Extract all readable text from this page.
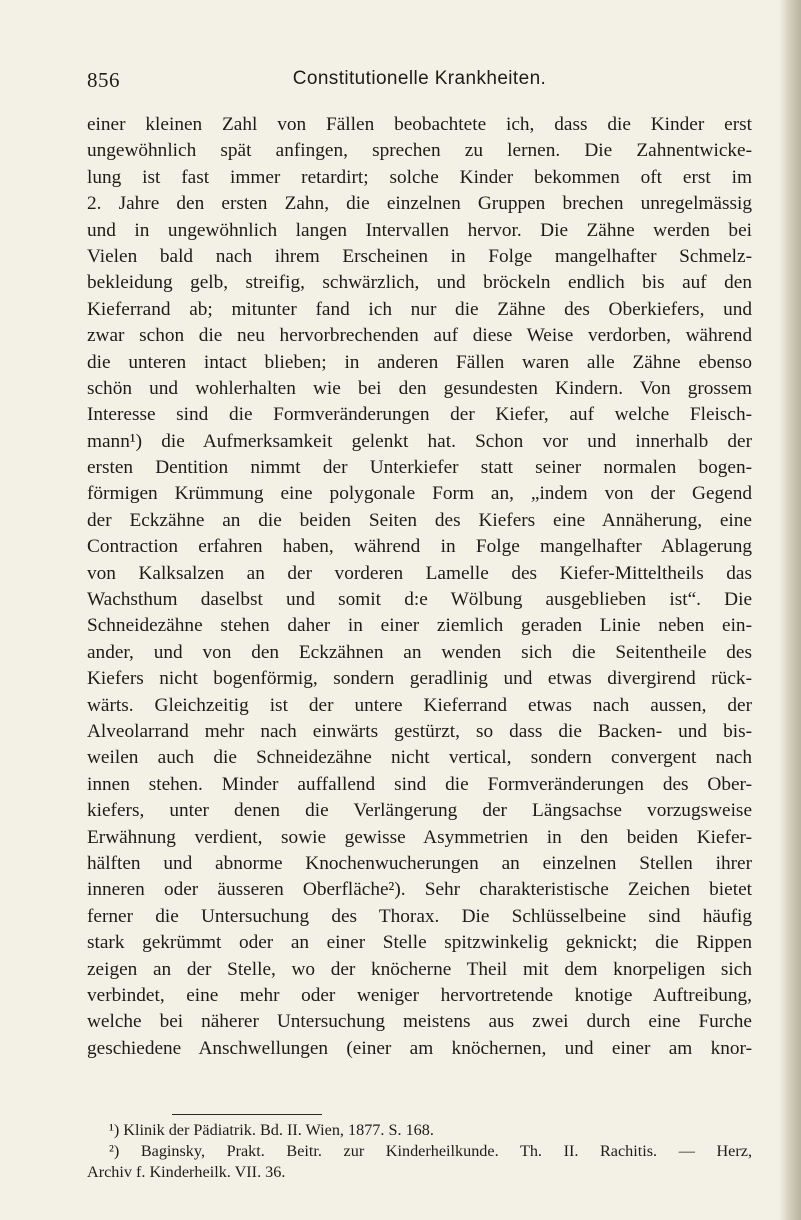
856	Constitutionelle Krankheiten.
einer kleinen Zahl von Fällen beobachtete ich, dass die Kinder erst
ungewöhnlich spät anfingen, sprechen zu lernen. Die Zahnentwicke-
lung ist fast immer retardirt; solche Kinder bekommen oft erst im
2. Jahre den ersten Zahn, die einzelnen Gruppen brechen unregelmässig
und in ungewöhnlich langen Intervallen hervor. Die Zähne werden bei
Vielen bald nach ihrem Erscheinen in Folge mangelhafter Schmelz-
bekleidung gelb, streifig, schwärzlich, und bröckeln endlich bis auf den
Kieferrand ab; mitunter fand ich nur die Zähne des Oberkiefers, und
zwar schon die neu hervorbrechenden auf diese Weise verdorben, während
die unteren intact blieben; in anderen Fällen waren alle Zähne ebenso
schön und wohlerhalten wie bei den gesundesten Kindern. Von grossem
Interesse sind die Formveränderungen der Kiefer, auf welche Fleisch-
mann¹) die Aufmerksamkeit gelenkt hat. Schon vor und innerhalb der
ersten Dentition nimmt der Unterkiefer statt seiner normalen bogen-
förmigen Krümmung eine polygonale Form an, „indem von der Gegend
der Eckzähne an die beiden Seiten des Kiefers eine Annäherung, eine
Contraction erfahren haben, während in Folge mangelhafter Ablagerung
von Kalksalzen an der vorderen Lamelle des Kiefer-Mitteltheils das
Wachsthum daselbst und somit d:e Wölbung ausgeblieben ist“. Die
Schneidezähne stehen daher in einer ziemlich geraden Linie neben ein-
ander, und von den Eckzähnen an wenden sich die Seitentheile des
Kiefers nicht bogenförmig, sondern geradlinig und etwas divergirend rück-
wärts. Gleichzeitig ist der untere Kieferrand etwas nach aussen, der
Alveolarrand mehr nach einwärts gestürzt, so dass die Backen- und bis-
weilen auch die Schneidezähne nicht vertical, sondern convergent nach
innen stehen. Minder auffallend sind die Formveränderungen des Ober-
kiefers, unter denen die Verlängerung der Längsachse vorzugsweise
Erwähnung verdient, sowie gewisse Asymmetrien in den beiden Kiefer-
hälften und abnorme Knochenwucherungen an einzelnen Stellen ihrer
inneren oder äusseren Oberfläche²). Sehr charakteristische Zeichen bietet
ferner die Untersuchung des Thorax. Die Schlüsselbeine sind häufig
stark gekrümmt oder an einer Stelle spitzwinkelig geknickt; die Rippen
zeigen an der Stelle, wo der knöcherne Theil mit dem knorpeligen sich
verbindet, eine mehr oder weniger hervortretende knotige Auftreibung,
welche bei näherer Untersuchung meistens aus zwei durch eine Furche
geschiedene Anschwellungen (einer am knöchernen, und einer am knor-
¹) Klinik der Pädiatrik. Bd. II. Wien, 1877. S. 168.
²) Baginsky, Prakt. Beitr. zur Kinderheilkunde. Th. II. Rachitis. — Herz,
Archiv f. Kinderheilk. VII. 36.
